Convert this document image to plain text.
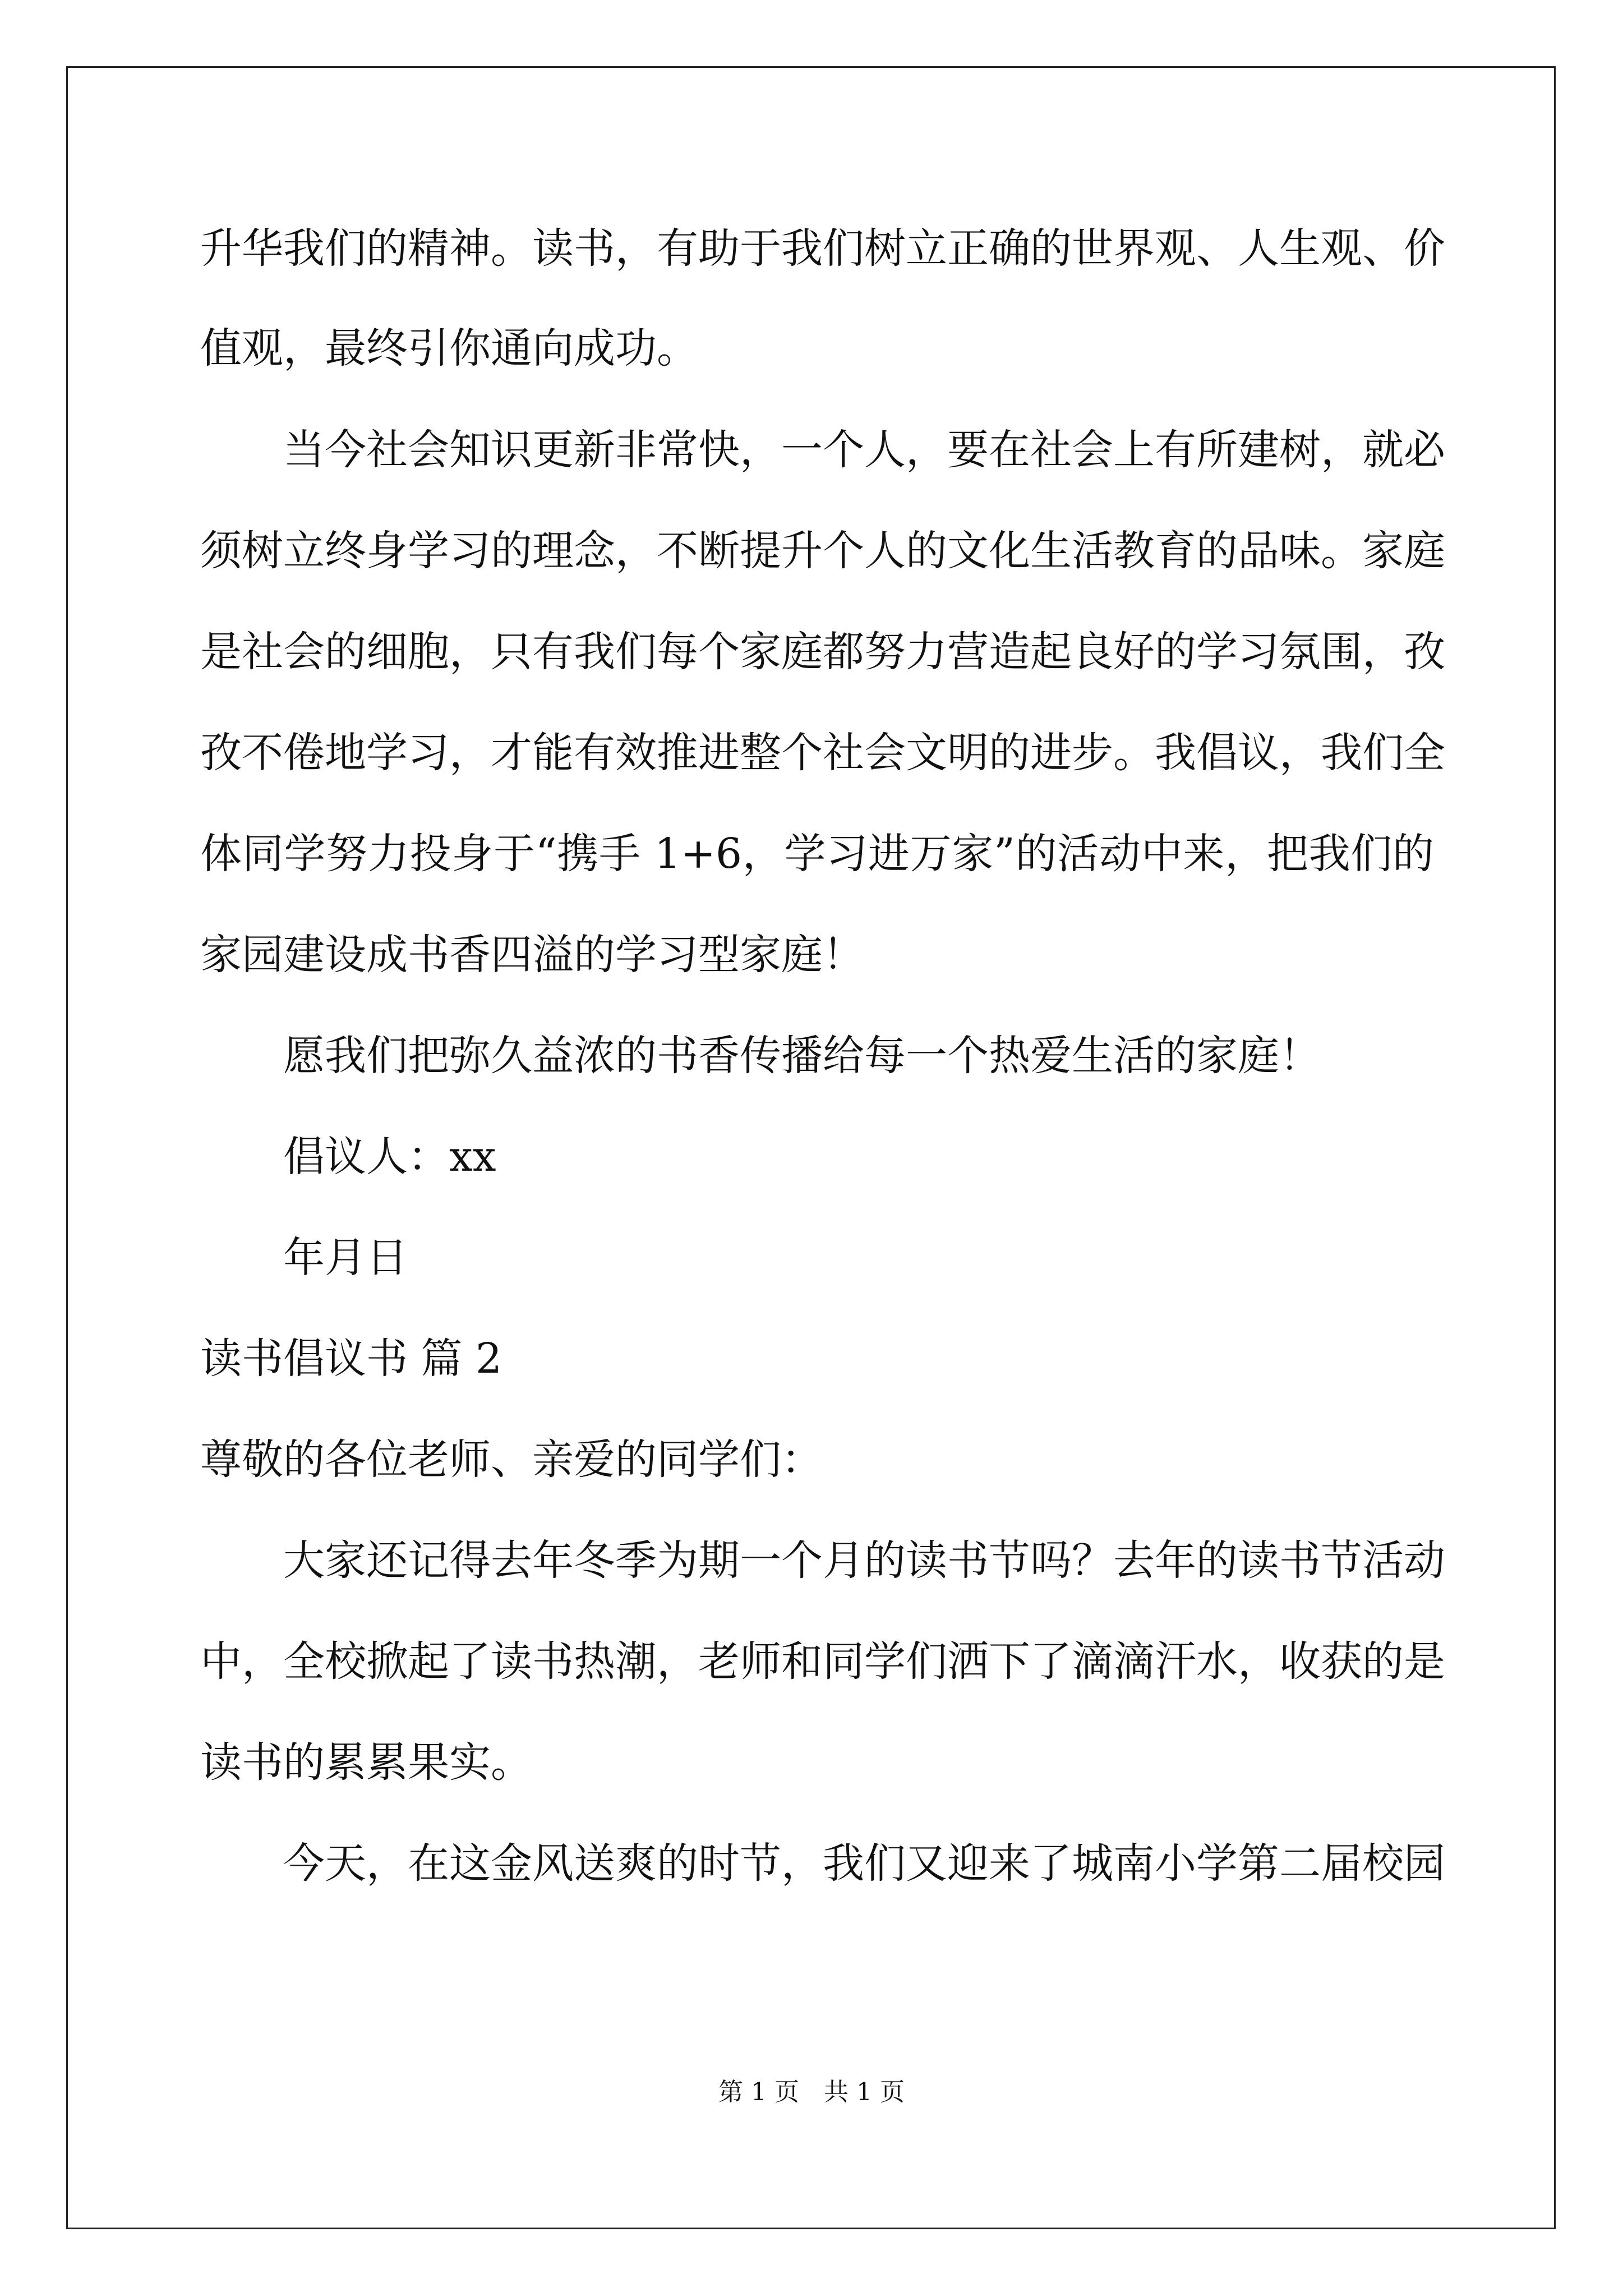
升华我们的精神。读书，有助于我们树立正确的世界观、人生观、价
值观，最终引你通向成功。
当今社会知识更新非常快，一个人，要在社会上有所建树，就必
须树立终身学习的理念，不断提升个人的文化生活教育的品味。家庭
是社会的细胞，只有我们每个家庭都努力营造起良好的学习氛围，孜
孜不倦地学习，才能有效推进整个社会文明的进步。我倡议，我们全
体同学努力投身于“携手 1+6，学习进万家”的活动中来，把我们的
家园建设成书香四溢的学习型家庭！
愿我们把弥久益浓的书香传播给每一个热爱生活的家庭！
倡议人：xx
年月日
读书倡议书 篇 2
尊敬的各位老师、亲爱的同学们：
大家还记得去年冬季为期一个月的读书节吗？去年的读书节活动
中，全校掀起了读书热潮，老师和同学们洒下了滴滴汗水，收获的是
读书的累累果实。
今天，在这金风送爽的时节，我们又迎来了城南小学第二届校园
第 1 页　共 1 页
